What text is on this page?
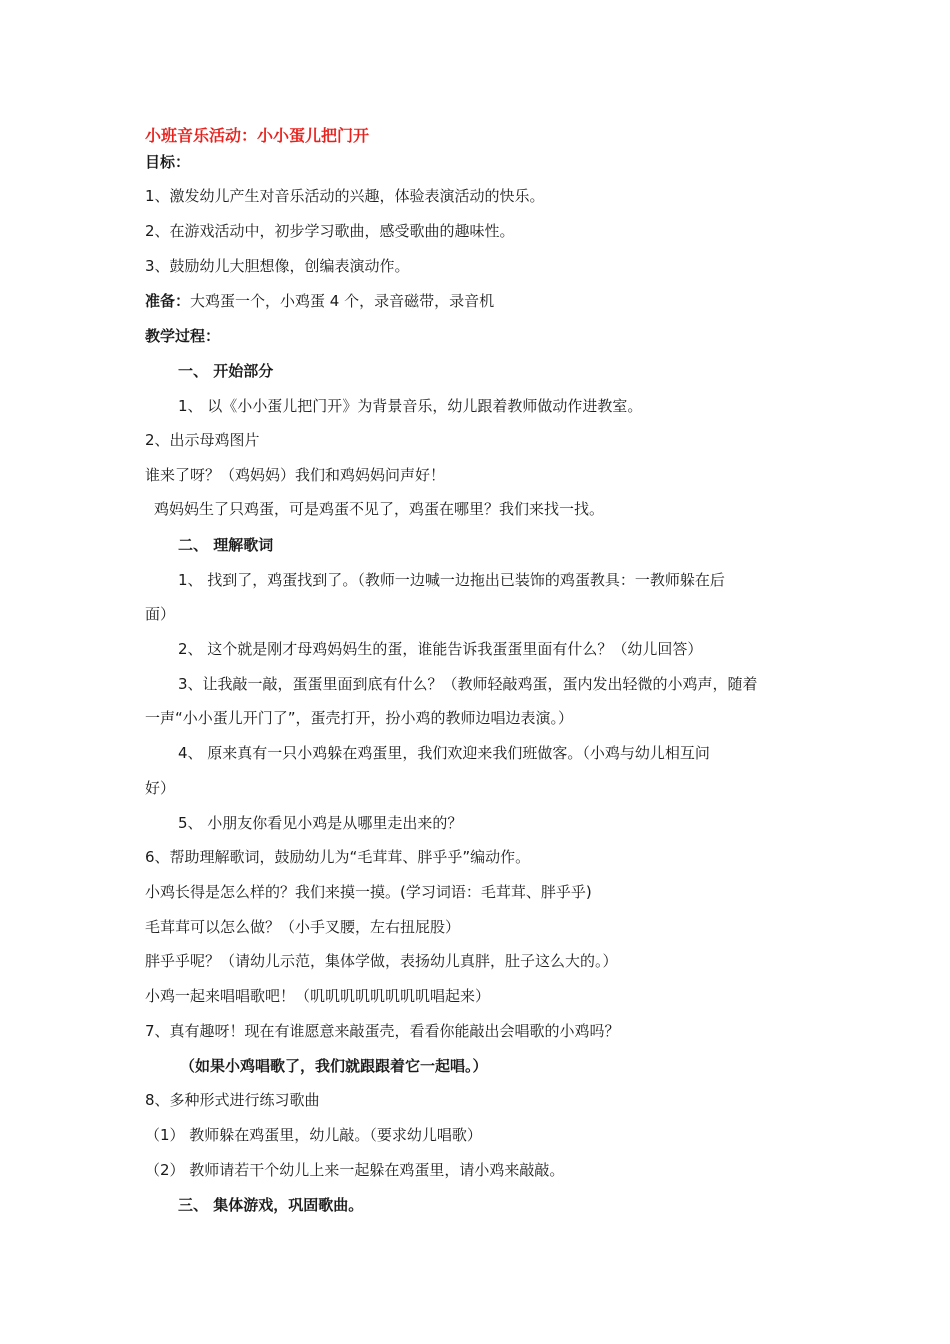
小班音乐活动：小小蛋儿把门开
目标：
1、激发幼儿产生对音乐活动的兴趣，体验表演活动的快乐。
2、在游戏活动中，初步学习歌曲，感受歌曲的趣味性。
3、鼓励幼儿大胆想像，创编表演动作。
准备：大鸡蛋一个，小鸡蛋 4 个，录音磁带，录音机
教学过程：
一、 开始部分
1、 以《小小蛋儿把门开》为背景音乐，幼儿跟着教师做动作进教室。
2、出示母鸡图片
谁来了呀？（鸡妈妈）我们和鸡妈妈问声好！
鸡妈妈生了只鸡蛋，可是鸡蛋不见了，鸡蛋在哪里？我们来找一找。
二、 理解歌词
1、 找到了，鸡蛋找到了。（教师一边喊一边拖出已装饰的鸡蛋教具：一教师躲在后
面）
2、 这个就是刚才母鸡妈妈生的蛋，谁能告诉我蛋蛋里面有什么？（幼儿回答）
3、让我敲一敲，蛋蛋里面到底有什么？（教师轻敲鸡蛋，蛋内发出轻微的小鸡声，随着
一声“小小蛋儿开门了”，蛋壳打开，扮小鸡的教师边唱边表演。）
4、 原来真有一只小鸡躲在鸡蛋里，我们欢迎来我们班做客。（小鸡与幼儿相互问
好）
5、 小朋友你看见小鸡是从哪里走出来的？
6、帮助理解歌词，鼓励幼儿为“毛茸茸、胖乎乎”编动作。
小鸡长得是怎么样的？我们来摸一摸。(学习词语：毛茸茸、胖乎乎)
毛茸茸可以怎么做？（小手叉腰，左右扭屁股）
胖乎乎呢？（请幼儿示范，集体学做，表扬幼儿真胖，肚子这么大的。）
小鸡一起来唱唱歌吧！（叽叽叽叽叽叽叽叽唱起来）
7、真有趣呀！现在有谁愿意来敲蛋壳，看看你能敲出会唱歌的小鸡吗？
（如果小鸡唱歌了，我们就跟跟着它一起唱。）
8、多种形式进行练习歌曲
（1） 教师躲在鸡蛋里，幼儿敲。（要求幼儿唱歌）
（2） 教师请若干个幼儿上来一起躲在鸡蛋里，请小鸡来敲敲。
三、 集体游戏，巩固歌曲。
